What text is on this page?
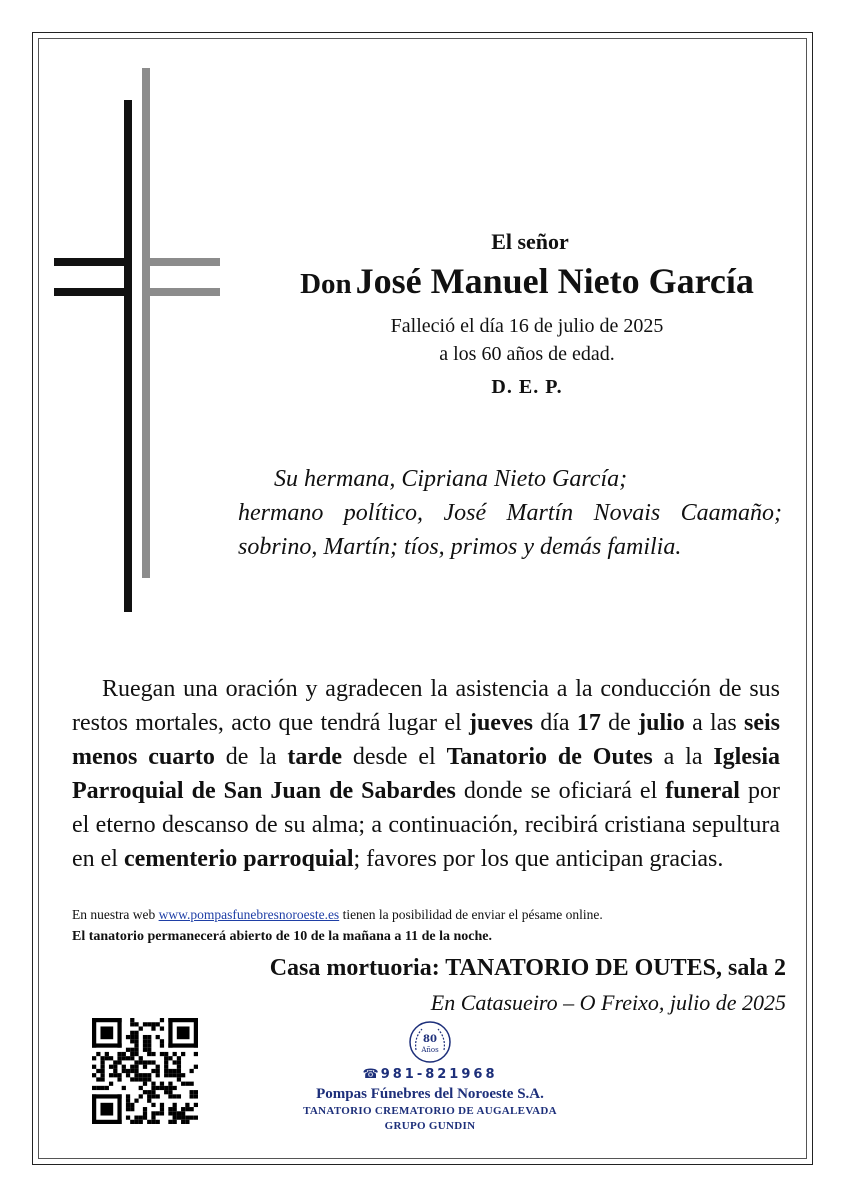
El señor
Don José Manuel Nieto García
Falleció el día 16 de julio de 2025
a los 60 años de edad.
D. E. P.
Su hermana, Cipriana Nieto García;
hermano político, José Martín Novais Caamaño; sobrino, Martín; tíos, primos y demás familia.

Ruegan una oración y agradecen la asistencia a la conducción de sus restos mortales, acto que tendrá lugar el jueves día 17 de julio a las seis menos cuarto de la tarde desde el Tanatorio de Outes a la Iglesia Parroquial de San Juan de Sabardes donde se oficiará el funeral por el eterno descanso de su alma; a continuación, recibirá cristiana sepultura en el cementerio parroquial; favores por los que anticipan gracias.

En nuestra web www.pompasfunebresnoroeste.es tienen la posibilidad de enviar el pésame online.
El tanatorio permanecerá abierto de 10 de la mañana a 11 de la noche.
Casa mortuoria: TANATORIO DE OUTES, sala 2
En Catasueiro – O Freixo, julio de 2025
80
Años
☎ 981-821968
Pompas Fúnebres del Noroeste S.A.
TANATORIO CREMATORIO DE AUGALEVADA
GRUPO GUNDIN
